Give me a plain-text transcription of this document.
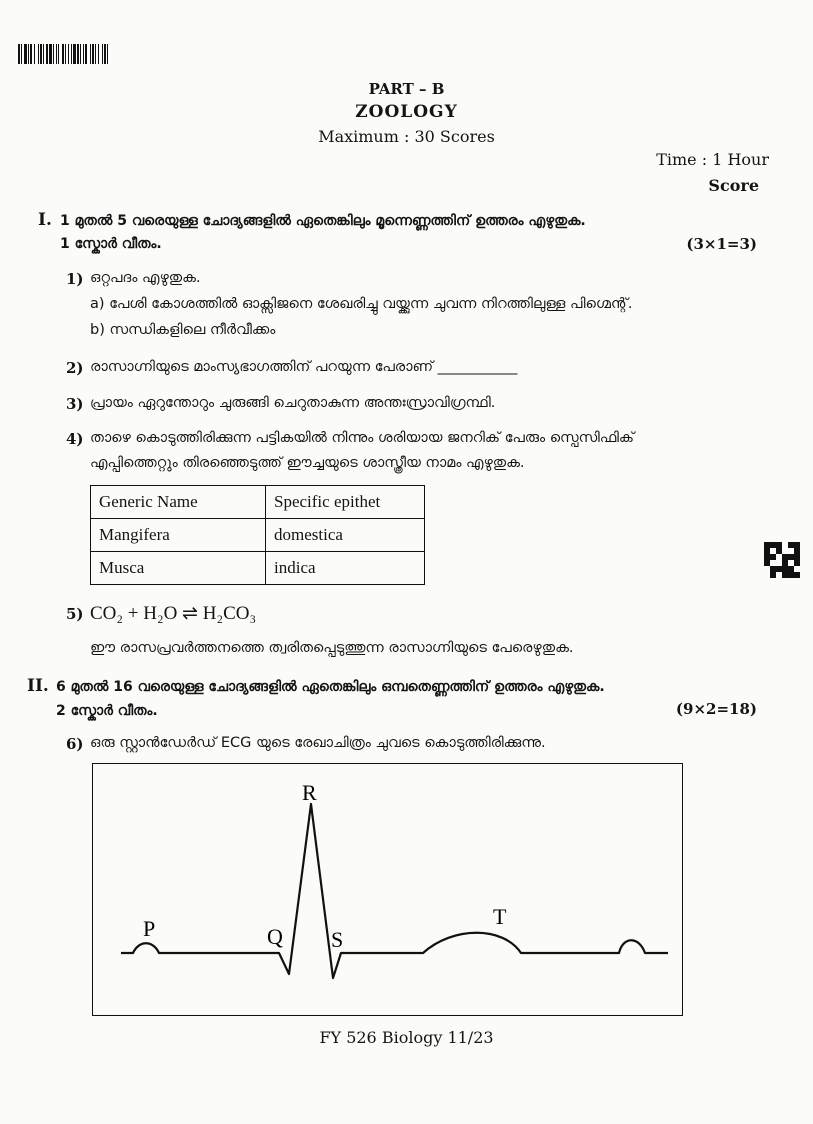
PART – B
ZOOLOGY
Maximum : 30 Scores
Time : 1 Hour
Score
I. 1 മുതൽ 5 വരെയുള്ള ചോദ്യങ്ങളിൽ ഏതെങ്കിലും മൂന്നെണ്ണത്തിന് ഉത്തരം എഴുതുക.
1 സ്കോർ വീതം.	(3×1=3)
1) ഒറ്റപദം എഴുതുക.
a) പേശി കോശത്തിൽ ഓക്സിജനെ ശേഖരിച്ചു വയ്ക്കുന്ന ചുവന്ന നിറത്തിലുള്ള പിഗ്മെന്റ്.
b) സന്ധികളിലെ നീർവീക്കം
2) രാസാഗ്നിയുടെ മാംസ്യഭാഗത്തിന് പറയുന്ന പേരാണ് ___________
3) പ്രായം ഏറുന്തോറും ചുരുങ്ങി ചെറുതാകുന്ന അന്തഃസ്രാവിഗ്രന്ഥി.
4) താഴെ കൊടുത്തിരിക്കുന്ന പട്ടികയിൽ നിന്നും ശരിയായ ജനറിക് പേരും സ്പെസിഫിക്
എപ്പിത്തെറ്റും തിരഞ്ഞെടുത്ത് ഈച്ചയുടെ ശാസ്ത്രീയ നാമം എഴുതുക.
Generic Name	Specific epithet
Mangifera	domestica
Musca	indica
5) CO₂ + H₂O ⇌ H₂CO₃
ഈ രാസപ്രവർത്തനത്തെ ത്വരിതപ്പെടുത്തുന്ന രാസാഗ്നിയുടെ പേരെഴുതുക.
II. 6 മുതൽ 16 വരെയുള്ള ചോദ്യങ്ങളിൽ ഏതെങ്കിലും ഒമ്പതെണ്ണത്തിന് ഉത്തരം എഴുതുക.
2 സ്കോർ വീതം.	(9×2=18)
6) ഒരു സ്റ്റാൻഡേർഡ് ECG യുടെ രേഖാചിത്രം ചുവടെ കൊടുത്തിരിക്കുന്നു.
P	Q
R
S
T
FY 526 Biology 11/23
